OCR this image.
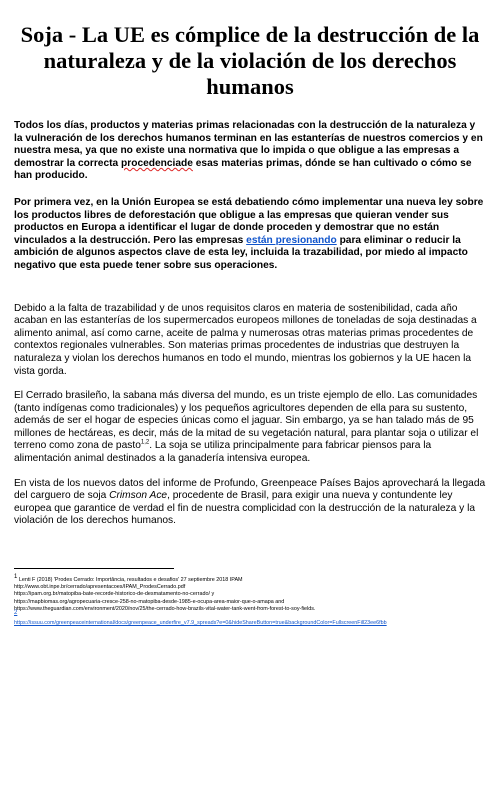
Soja - La UE es cómplice de la destrucción de la naturaleza y de la violación de los derechos humanos

Todos los días, productos y materias primas relacionadas con la destrucción de la naturaleza y la vulneración de los derechos humanos terminan en las estanterías de nuestros comercios y en nuestra mesa, ya que no existe una normativa que lo impida o que obligue a las empresas a demostrar la correcta procedenciade esas materias primas, dónde se han cultivado o cómo se han producido.

Por primera vez, en la Unión Europea se está debatiendo cómo implementar una nueva ley sobre los productos libres de deforestación que obligue a las empresas que quieran vender sus productos en Europa a identificar el lugar de donde proceden y demostrar que no están vinculados a la destrucción. Pero las empresas están presionando para eliminar o reducir la ambición de algunos aspectos clave de esta ley, incluida la trazabilidad, por miedo al impacto negativo que esta puede tener sobre sus operaciones.

Debido a la falta de trazabilidad y de unos requisitos claros en materia de sostenibilidad, cada año acaban en las estanterías de los supermercados europeos millones de toneladas de soja destinadas a alimento animal, así como carne, aceite de palma y numerosas otras materias primas procedentes de contextos regionales vulnerables. Son materias primas procedentes de industrias que destruyen la naturaleza y violan los derechos humanos en todo el mundo, mientras los gobiernos y la UE hacen la vista gorda.

El Cerrado brasileño, la sabana más diversa del mundo, es un triste ejemplo de ello. Las comunidades (tanto indígenas como tradicionales) y los pequeños agricultores dependen de ella para su sustento, además de ser el hogar de especies únicas como el jaguar. Sin embargo, ya se han talado más de 95 millones de hectáreas, es decir, más de la mitad de su vegetación natural, para plantar soja o utilizar el terreno como zona de pasto$^{1,2}$. La soja se utiliza principalmente para fabricar piensos para la alimentación animal destinados a la ganadería intensiva europea.

En vista de los nuevos datos del informe de Profundo, Greenpeace Países Bajos aprovechará la llegada del carguero de soja Crimson Ace, procedente de Brasil, para exigir una nueva y contundente ley europea que garantice de verdad el fin de nuestra complicidad con la destrucción de la naturaleza y la violación de los derechos humanos.

$^1$ Lenti F (2018) 'Prodes Cerrado: Importância, resultados e desafios' 27 septiembre 2018 IPAM
http://www.obt.inpe.br/cerrado/apresentacoes/IPAM_ProdesCerrado.pdf
https://ipam.org.br/matopiba-bate-recorde-historico-de-desmatamento-no-cerrado/ y
https://mapbiomas.org/agropecuaria-cresce-258-no-matopiba-desde-1985-e-ocupa-area-maior-que-o-amapa and
https://www.theguardian.com/environment/2020/nov/25/the-cerrado-how-brazils-vital-water-tank-went-from-forest-to-soy-fields.
$^2$
https://issuu.com/greenpeaceinternational/docs/greenpeace_underfire_v7.9_spreads?e=0&hideShareButton=true&backgroundColor=FullscreenFill23ee6fbb
